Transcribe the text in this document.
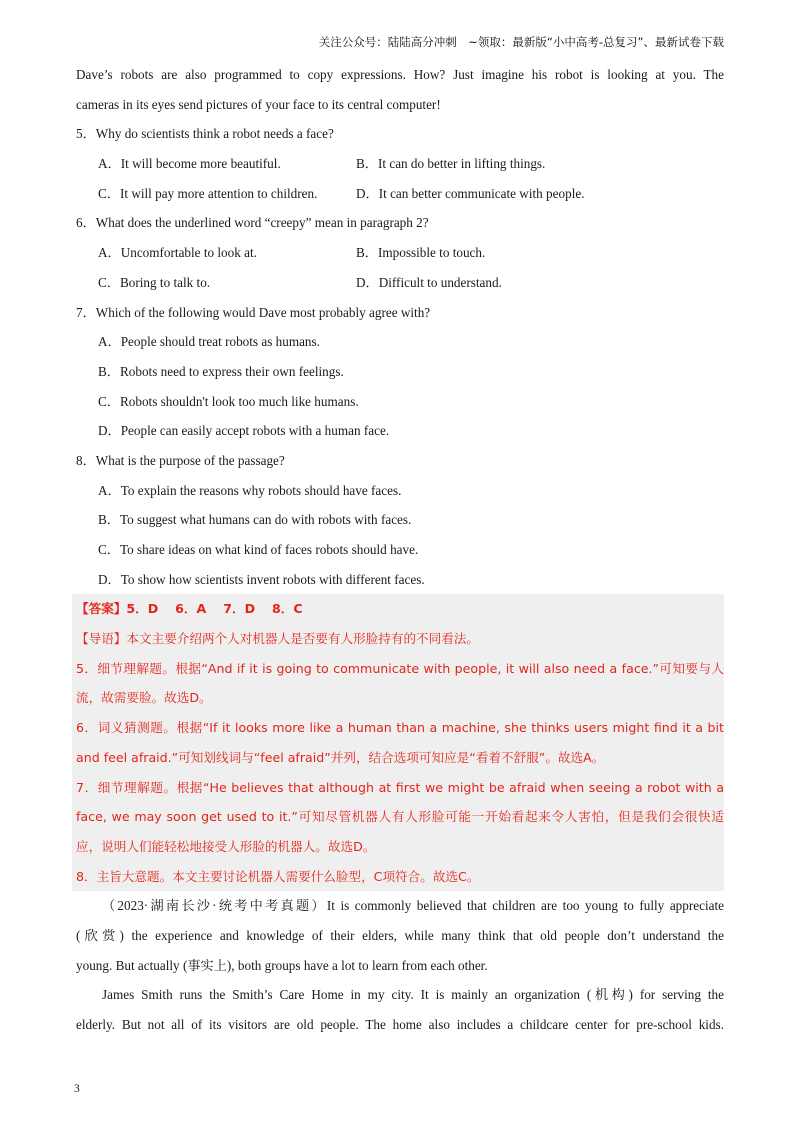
关注公众号：陆陆高分冲刺　~领取：最新版“小中高考-总复习”、最新试卷下载
Dave’s robots are also programmed to copy expressions. How? Just imagine his robot is looking at you. The
cameras in its eyes send pictures of your face to its central computer!
5．Why do scientists think a robot needs a face?
A．It will become more beautiful.	B．It can do better in lifting things.
C．It will pay more attention to children.	D．It can better communicate with people.
6．What does the underlined word “creepy” mean in paragraph 2?
A．Uncomfortable to look at.	B．Impossible to touch.
C．Boring to talk to.	D．Difficult to understand.
7．Which of the following would Dave most probably agree with?
A．People should treat robots as humans.
B．Robots need to express their own feelings.
C．Robots shouldn't look too much like humans.
D．People can easily accept robots with a human face.
8．What is the purpose of the passage?
A．To explain the reasons why robots should have faces.
B．To suggest what humans can do with robots with faces.
C．To share ideas on what kind of faces robots should have.
D．To show how scientists invent robots with different faces.
【答案】5．D　 6．A　 7．D　 8．C
【导语】本文主要介绍两个人对机器人是否要有人形脸持有的不同看法。
5．细节理解题。根据“And if it is going to communicate with people, it will also need a face.”可知要与人
流，故需要脸。故选D。
6．词义猜测题。根据“If it looks more like a human than a machine, she thinks users might find it a bit
and feel afraid.”可知划线词与“feel afraid”并列，结合选项可知应是“看着不舒服”。故选A。
7．细节理解题。根据“He believes that although at first we might be afraid when seeing a robot with a
face, we may soon get used to it.”可知尽管机器人有人形脸可能一开始看起来令人害怕，但是我们会很快适
应，说明人们能轻松地接受人形脸的机器人。故选D。
8．主旨大意题。本文主要讨论机器人需要什么脸型，C项符合。故选C。
（2023·湖南长沙·统考中考真题）It is commonly believed that children are too young to fully appreciate
(欣赏) the experience and knowledge of their elders, while many think that old people don’t understand the
young. But actually (事实上), both groups have a lot to learn from each other.
James Smith runs the Smith’s Care Home in my city. It is mainly an organization (机构) for serving the
elderly. But not all of its visitors are old people. The home also includes a childcare center for pre-school kids.
3
